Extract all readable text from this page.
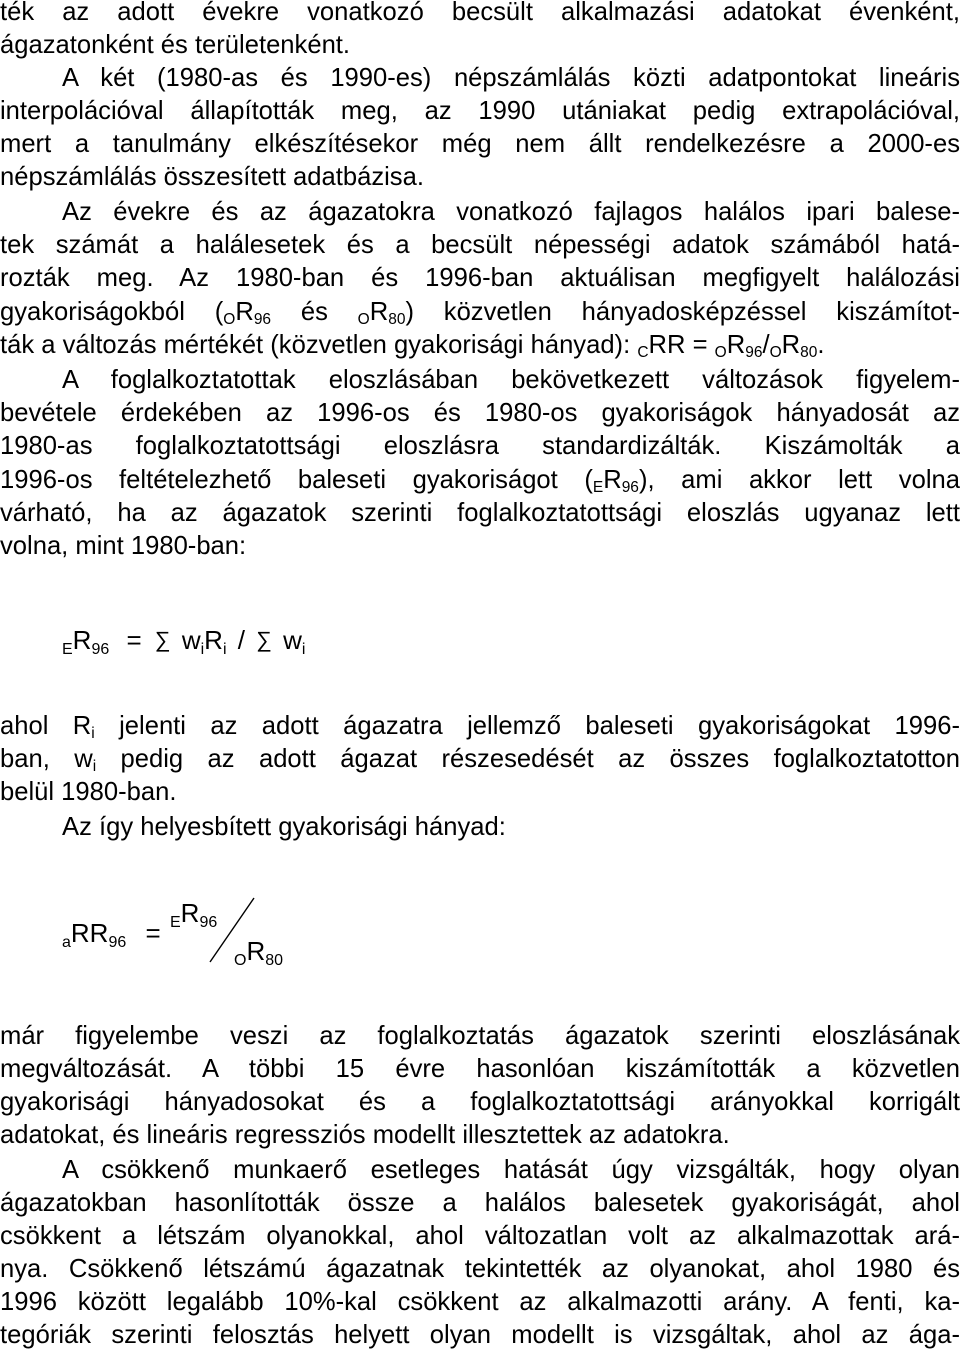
ték az adott évekre vonatkozó becsült alkalmazási adatokat évenként,
ágazatonként és területenként.
A két (1980-as és 1990-es) népszámlálás közti adatpontokat lineáris
interpolációval állapították meg, az 1990 utániakat pedig extrapolációval,
mert a tanulmány elkészítésekor még nem állt rendelkezésre a 2000-es
népszámlálás összesített adatbázisa.
Az évekre és az ágazatokra vonatkozó fajlagos halálos ipari balese-
tek számát a halálesetek és a becsült népességi adatok számából hatá-
rozták meg. Az 1980-ban és 1996-ban aktuálisan megfigyelt halálozási
gyakoriságokból (OR96 és OR80) közvetlen hányadosképzéssel kiszámítot-
ták a változás mértékét (közvetlen gyakorisági hányad): CRR = OR96/OR80.
A foglalkoztatottak eloszlásában bekövetkezett változások figyelem-
bevétele érdekében az 1996-os és 1980-os gyakoriságok hányadosát az
1980-as foglalkoztatottsági eloszlásra standardizálták. Kiszámolták a
1996-os feltételezhető baleseti gyakoriságot (ER96), ami akkor lett volna
várható, ha az ágazatok szerinti foglalkoztatottsági eloszlás ugyanaz lett
volna, mint 1980-ban:
ER96 = ∑ wiRi / ∑ wi
ahol Ri jelenti az adott ágazatra jellemző baleseti gyakoriságokat 1996-
ban, wi pedig az adott ágazat részesedését az összes foglalkoztatotton
belül 1980-ban.
Az így helyesbített gyakorisági hányad:
aRR96 = ER96
OR80
már figyelembe veszi az foglalkoztatás ágazatok szerinti eloszlásának
megváltozását. A többi 15 évre hasonlóan kiszámították a közvetlen
gyakorisági hányadosokat és a foglalkoztatottsági arányokkal korrigált
adatokat, és lineáris regressziós modellt illesztettek az adatokra.
A csökkenő munkaerő esetleges hatását úgy vizsgálták, hogy olyan
ágazatokban hasonlították össze a halálos balesetek gyakoriságát, ahol
csökkent a létszám olyanokkal, ahol változatlan volt az alkalmazottak ará-
nya. Csökkenő létszámú ágazatnak tekintették az olyanokat, ahol 1980 és
1996 között legalább 10%-kal csökkent az alkalmazotti arány. A fenti, ka-
tegóriák szerinti felosztás helyett olyan modellt is vizsgáltak, ahol az ága-
